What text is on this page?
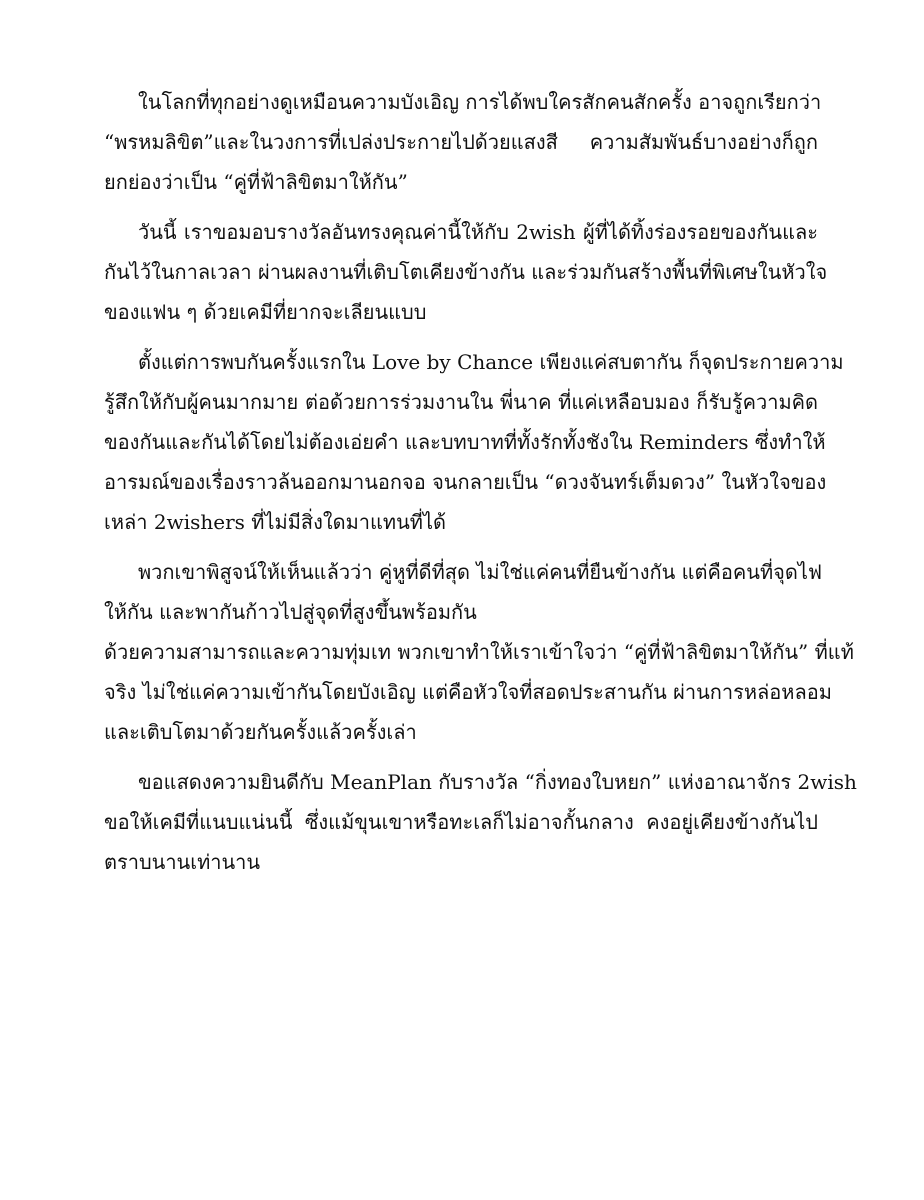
ในโลกที่ทุกอย่างดูเหมือนความบังเอิญ การได้พบใครสักคนสักครั้ง อาจถูกเรียกว่า
“พรหมลิขิต”และในวงการที่เปล่งประกายไปด้วยแสงสี ความสัมพันธ์บางอย่างก็ถูก
ยกย่องว่าเป็น “คู่ที่ฟ้าลิขิตมาให้กัน”
วันนี้ เราขอมอบรางวัลอันทรงคุณค่านี้ให้กับ 2wish ผู้ที่ได้ทิ้งร่องรอยของกันและ
กันไว้ในกาลเวลา ผ่านผลงานที่เติบโตเคียงข้างกัน และร่วมกันสร้างพื้นที่พิเศษในหัวใจ
ของแฟน ๆ ด้วยเคมีที่ยากจะเลียนแบบ
ตั้งแต่การพบกันครั้งแรกใน Love by Chance เพียงแค่สบตากัน ก็จุดประกายความ
รู้สึกให้กับผู้คนมากมาย ต่อด้วยการร่วมงานใน พี่นาค ที่แค่เหลือบมอง ก็รับรู้ความคิด
ของกันและกันได้โดยไม่ต้องเอ่ยคำ และบทบาทที่ทั้งรักทั้งชังใน Reminders ซึ่งทำให้
อารมณ์ของเรื่องราวล้นออกมานอกจอ จนกลายเป็น “ดวงจันทร์เต็มดวง” ในหัวใจของ
เหล่า 2wishers ที่ไม่มีสิ่งใดมาแทนที่ได้
พวกเขาพิสูจน์ให้เห็นแล้วว่า คู่หูที่ดีที่สุด ไม่ใช่แค่คนที่ยืนข้างกัน แต่คือคนที่จุดไฟ
ให้กัน และพากันก้าวไปสู่จุดที่สูงขึ้นพร้อมกัน
ด้วยความสามารถและความทุ่มเท พวกเขาทำให้เราเข้าใจว่า “คู่ที่ฟ้าลิขิตมาให้กัน” ที่แท้
จริง ไม่ใช่แค่ความเข้ากันโดยบังเอิญ แต่คือหัวใจที่สอดประสานกัน ผ่านการหล่อหลอม
และเติบโตมาด้วยกันครั้งแล้วครั้งเล่า
ขอแสดงความยินดีกับ MeanPlan กับรางวัล “กิ่งทองใบหยก” แห่งอาณาจักร 2wish
ขอให้เคมีที่แนบแน่นนี้ ซึ่งแม้ขุนเขาหรือทะเลก็ไม่อาจกั้นกลาง คงอยู่เคียงข้างกันไป
ตราบนานเท่านาน
